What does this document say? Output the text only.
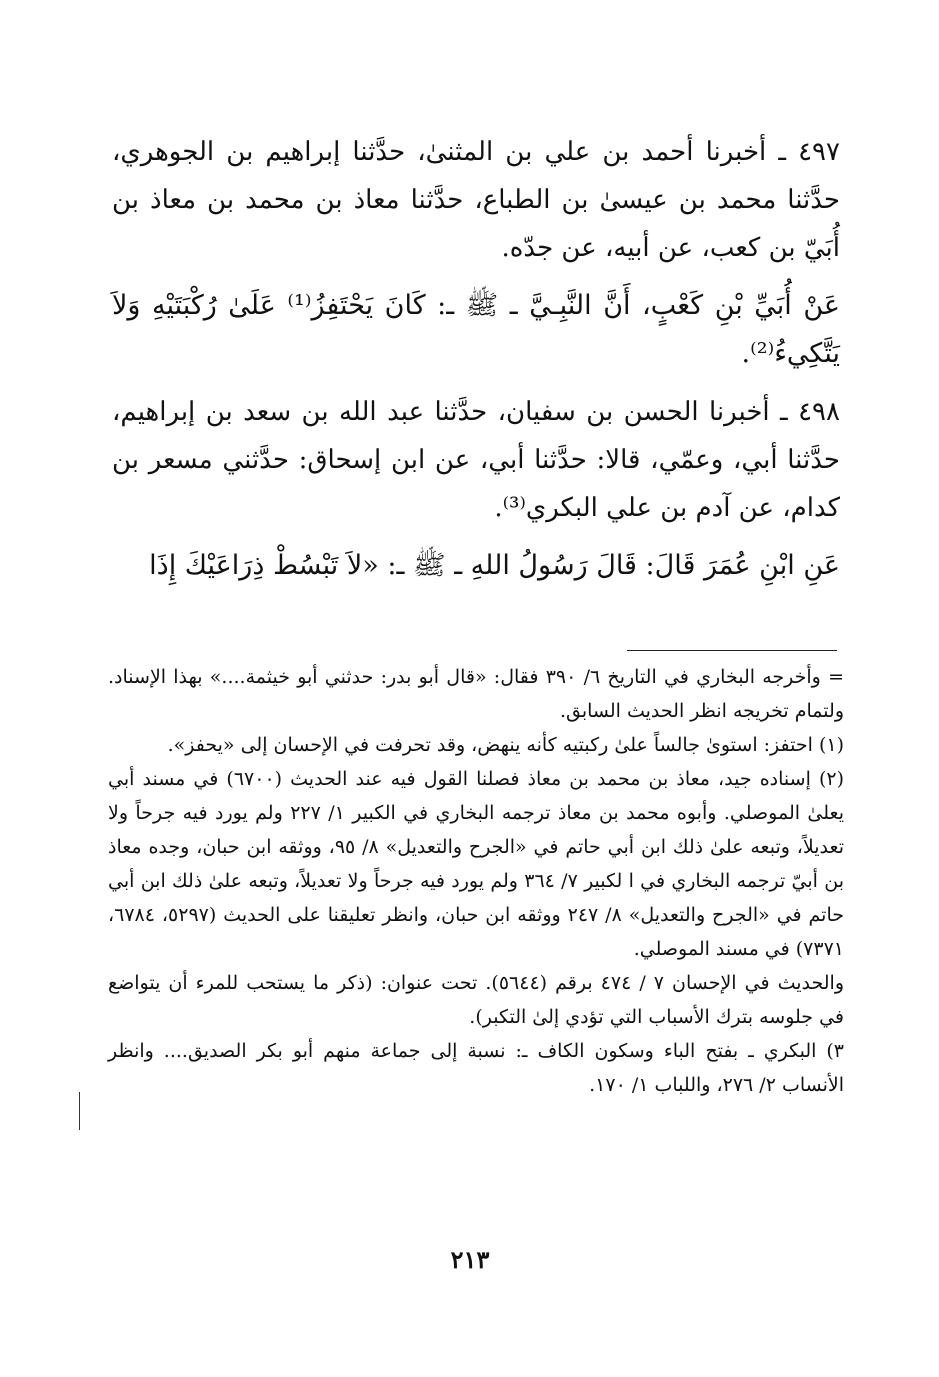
٤٩٧ ـ أخبرنا أحمد بن علي بن المثنىٰ، حدَّثنا إبراهيم بن الجوهري، حدَّثنا محمد بن عيسىٰ بن الطباع، حدَّثنا معاذ بن محمد بن معاذ بن أُبَيّ بن كعب، عن أبيه، عن جدّه.

عَنْ أُبَيِّ بْنِ كَعْبٍ، أَنَّ النَّبِـيَّ ـ ﷺ ـ: كَانَ يَحْتَفِزُ⁽¹⁾ عَلَىٰ رُكْبَتَيْهِ وَلاَ يَتَّكِيءُ⁽²⁾.

٤٩٨ ـ أخبرنا الحسن بن سفيان، حدَّثنا عبد الله بن سعد بن إبراهيم، حدَّثنا أبي، وعمّي، قالا: حدَّثنا أبي، عن ابن إسحاق: حدَّثني مسعر بن كدام، عن آدم بن علي البكري⁽³⁾.

عَنِ ابْنِ عُمَرَ قَالَ: قَالَ رَسُولُ اللهِ ـ ﷺ ـ: «لاَ تَبْسُطْ ذِرَاعَيْكَ إِذَا

= وأخرجه البخاري في التاريخ ٦/ ٣٩٠ فقال: «قال أبو بدر: حدثني أبو خيثمة....» بهذا الإسناد. ولتمام تخريجه انظر الحديث السابق.

(١) احتفز: استوىٰ جالساً علىٰ ركبتيه كأنه ينهض، وقد تحرفت في الإحسان إلى «يحفز».

(٢) إسناده جيد، معاذ بن محمد بن معاذ فصلنا القول فيه عند الحديث (٦٧٠٠) في مسند أبي يعلىٰ الموصلي. وأبوه محمد بن معاذ ترجمه البخاري في الكبير ١/ ٢٢٧ ولم يورد فيه جرحاً ولا تعديلاً، وتبعه علىٰ ذلك ابن أبي حاتم في «الجرح والتعديل» ٨/ ٩٥، ووثقه ابن حبان، وجده معاذ بن أبيّ ترجمه البخاري في ا لكبير ٧/ ٣٦٤ ولم يورد فيه جرحاً ولا تعديلاً، وتبعه علىٰ ذلك ابن أبي حاتم في «الجرح والتعديل» ٨/ ٢٤٧ ووثقه ابن حبان، وانظر تعليقنا على الحديث (٥٢٩٧، ٦٧٨٤، ٧٣٧١) في مسند الموصلي.

والحديث في الإحسان ٧ / ٤٧٤ برقم (٥٦٤٤). تحت عنوان: (ذكر ما يستحب للمرء أن يتواضع في جلوسه بترك الأسباب التي تؤدي إلىٰ التكبر).

٣) البكري ـ بفتح الباء وسكون الكاف ـ: نسبة إلى جماعة منهم أبو بكر الصديق.... وانظر الأنساب ٢/ ٢٧٦، واللباب ١/ ١٧٠.

٢١٣
